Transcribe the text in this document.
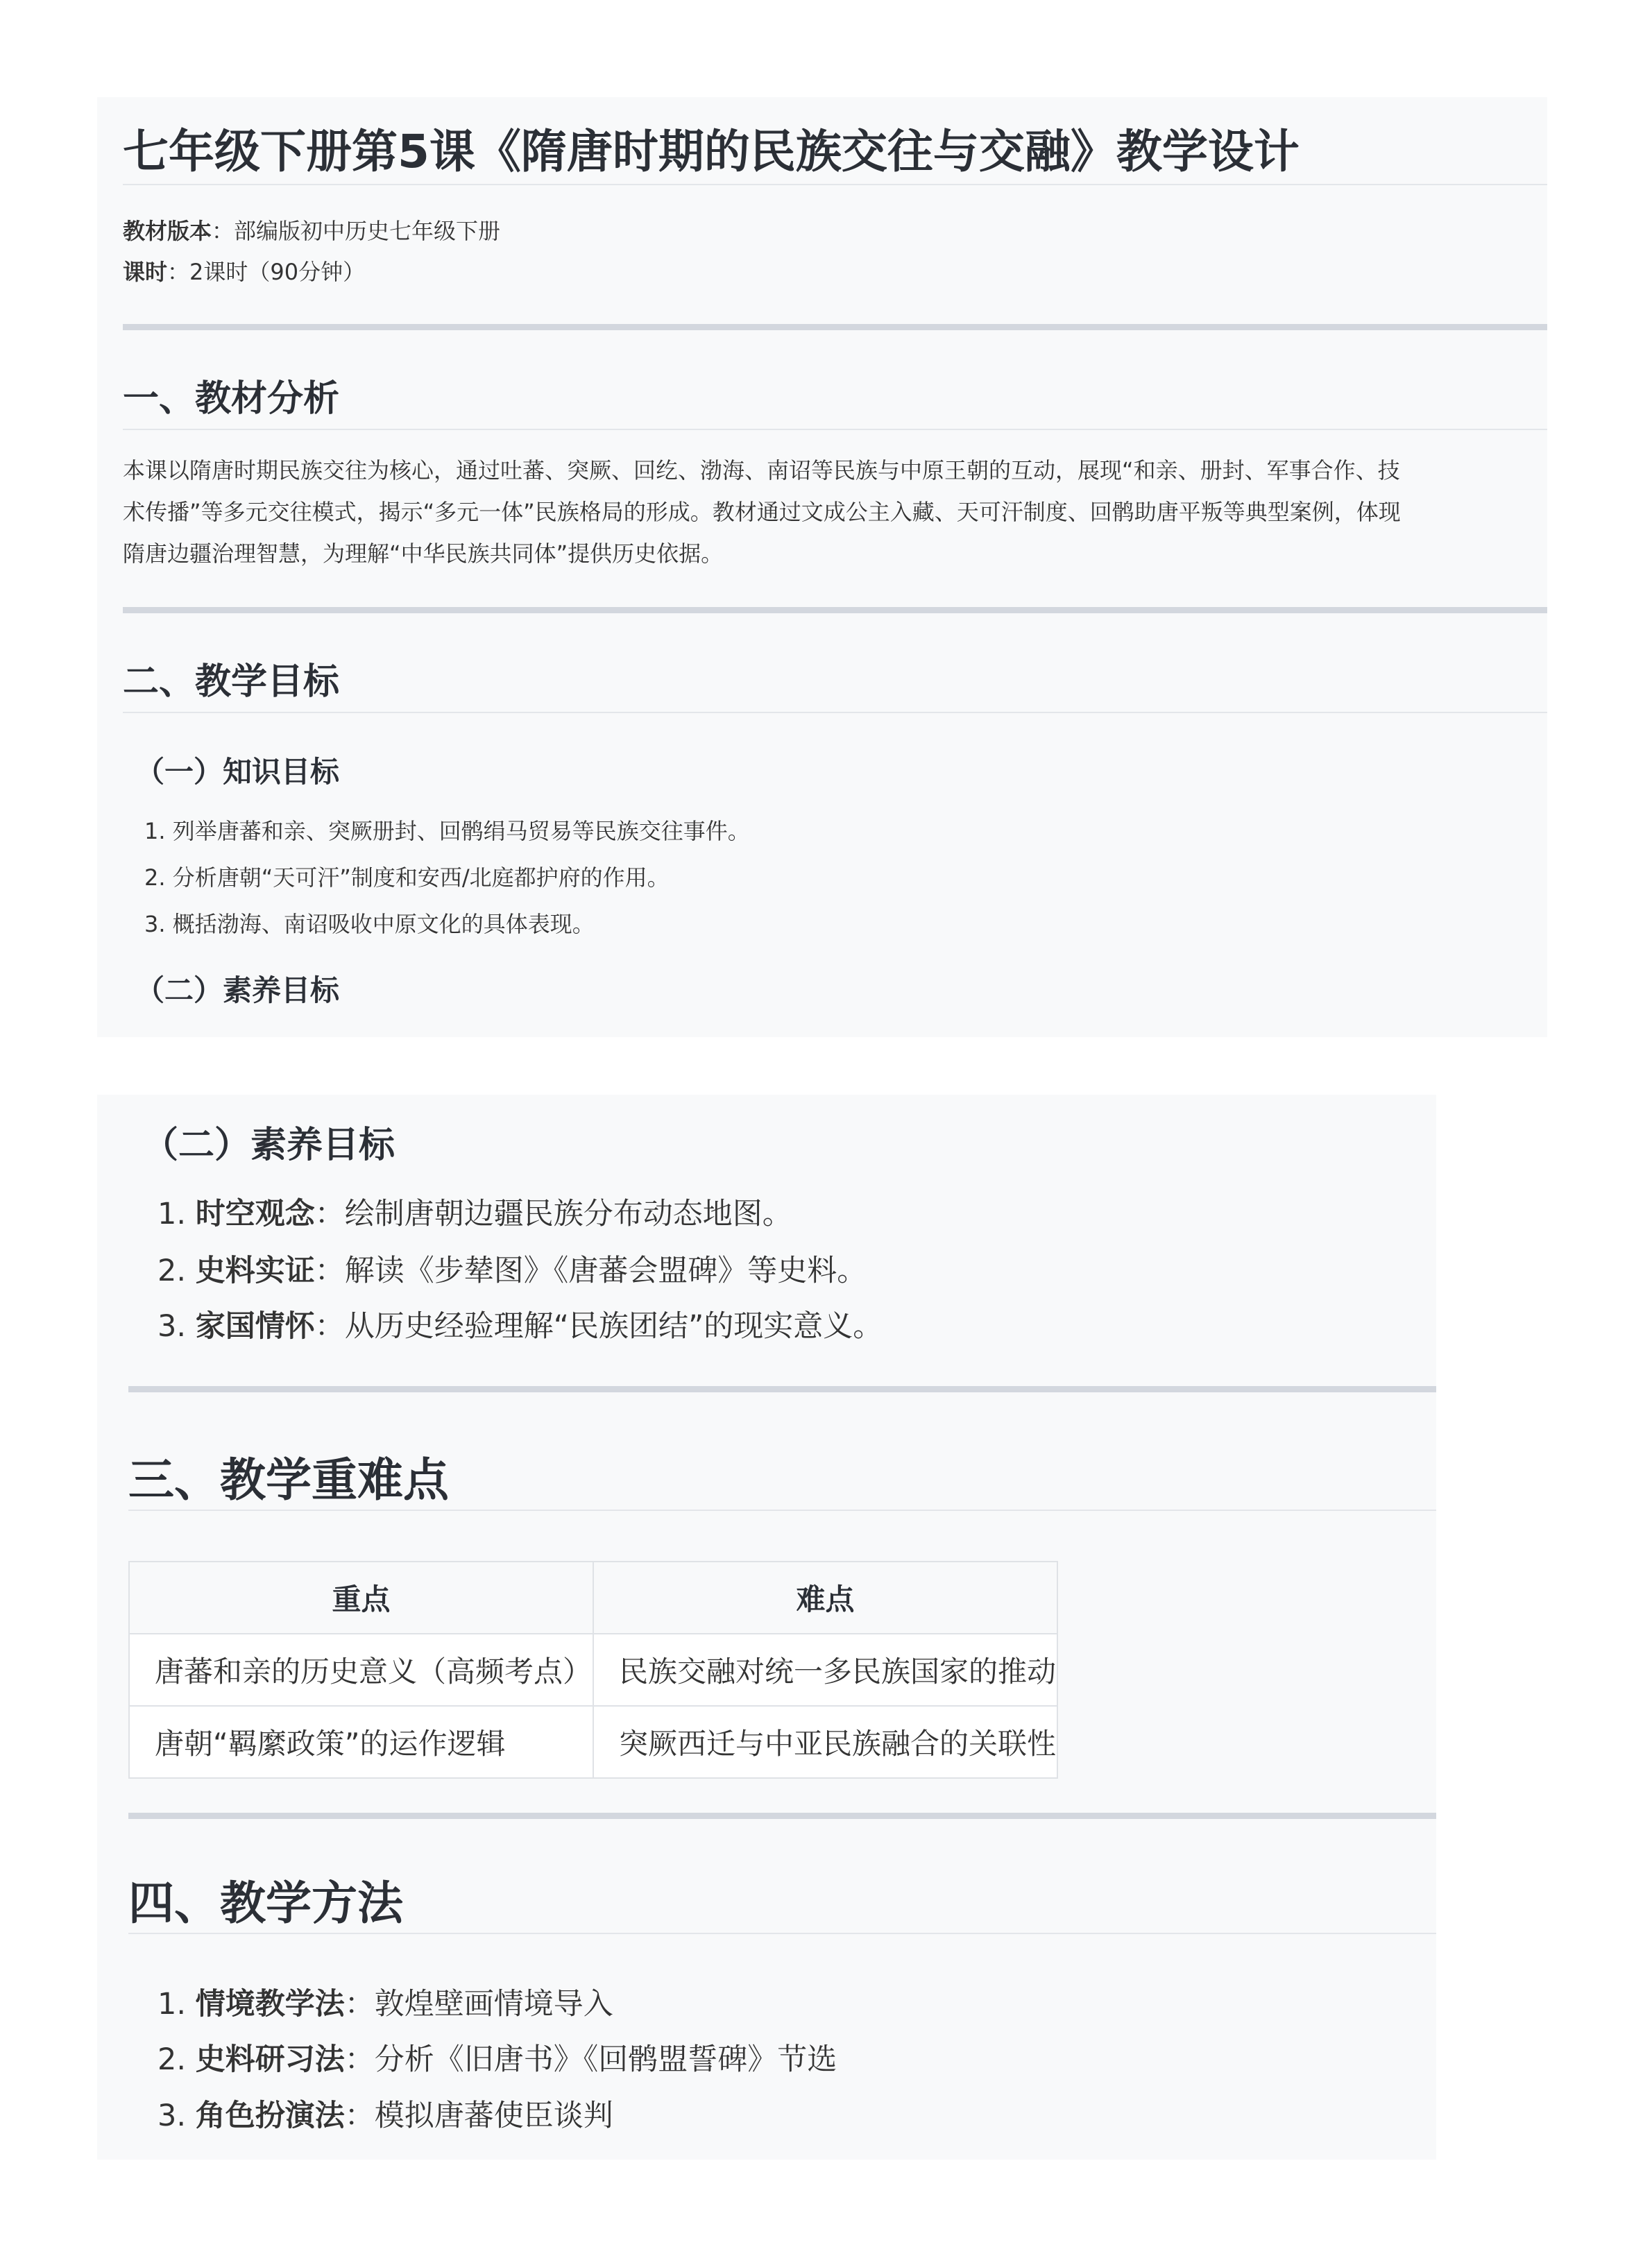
七年级下册第5课《隋唐时期的民族交往与交融》教学设计
教材版本：部编版初中历史七年级下册
课时：2课时（90分钟）
一、教材分析
本课以隋唐时期民族交往为核心，通过吐蕃、突厥、回纥、渤海、南诏等民族与中原王朝的互动，展现“和亲、册封、军事合作、技
术传播”等多元交往模式，揭示“多元一体”民族格局的形成。教材通过文成公主入藏、天可汗制度、回鹘助唐平叛等典型案例，体现
隋唐边疆治理智慧，为理解“中华民族共同体”提供历史依据。
二、教学目标
（一）知识目标
1. 列举唐蕃和亲、突厥册封、回鹘绢马贸易等民族交往事件。
2. 分析唐朝“天可汗”制度和安西/北庭都护府的作用。
3. 概括渤海、南诏吸收中原文化的具体表现。
（二）素养目标
（二）素养目标
1. 时空观念：绘制唐朝边疆民族分布动态地图。
2. 史料实证：解读《步辇图》《唐蕃会盟碑》等史料。
3. 家国情怀：从历史经验理解“民族团结”的现实意义。
三、教学重难点
重点	难点
唐蕃和亲的历史意义（高频考点）	民族交融对统一多民族国家的推动
唐朝“羁縻政策”的运作逻辑	突厥西迁与中亚民族融合的关联性
四、教学方法
1. 情境教学法：敦煌壁画情境导入
2. 史料研习法：分析《旧唐书》《回鹘盟誓碑》节选
3. 角色扮演法：模拟唐蕃使臣谈判
